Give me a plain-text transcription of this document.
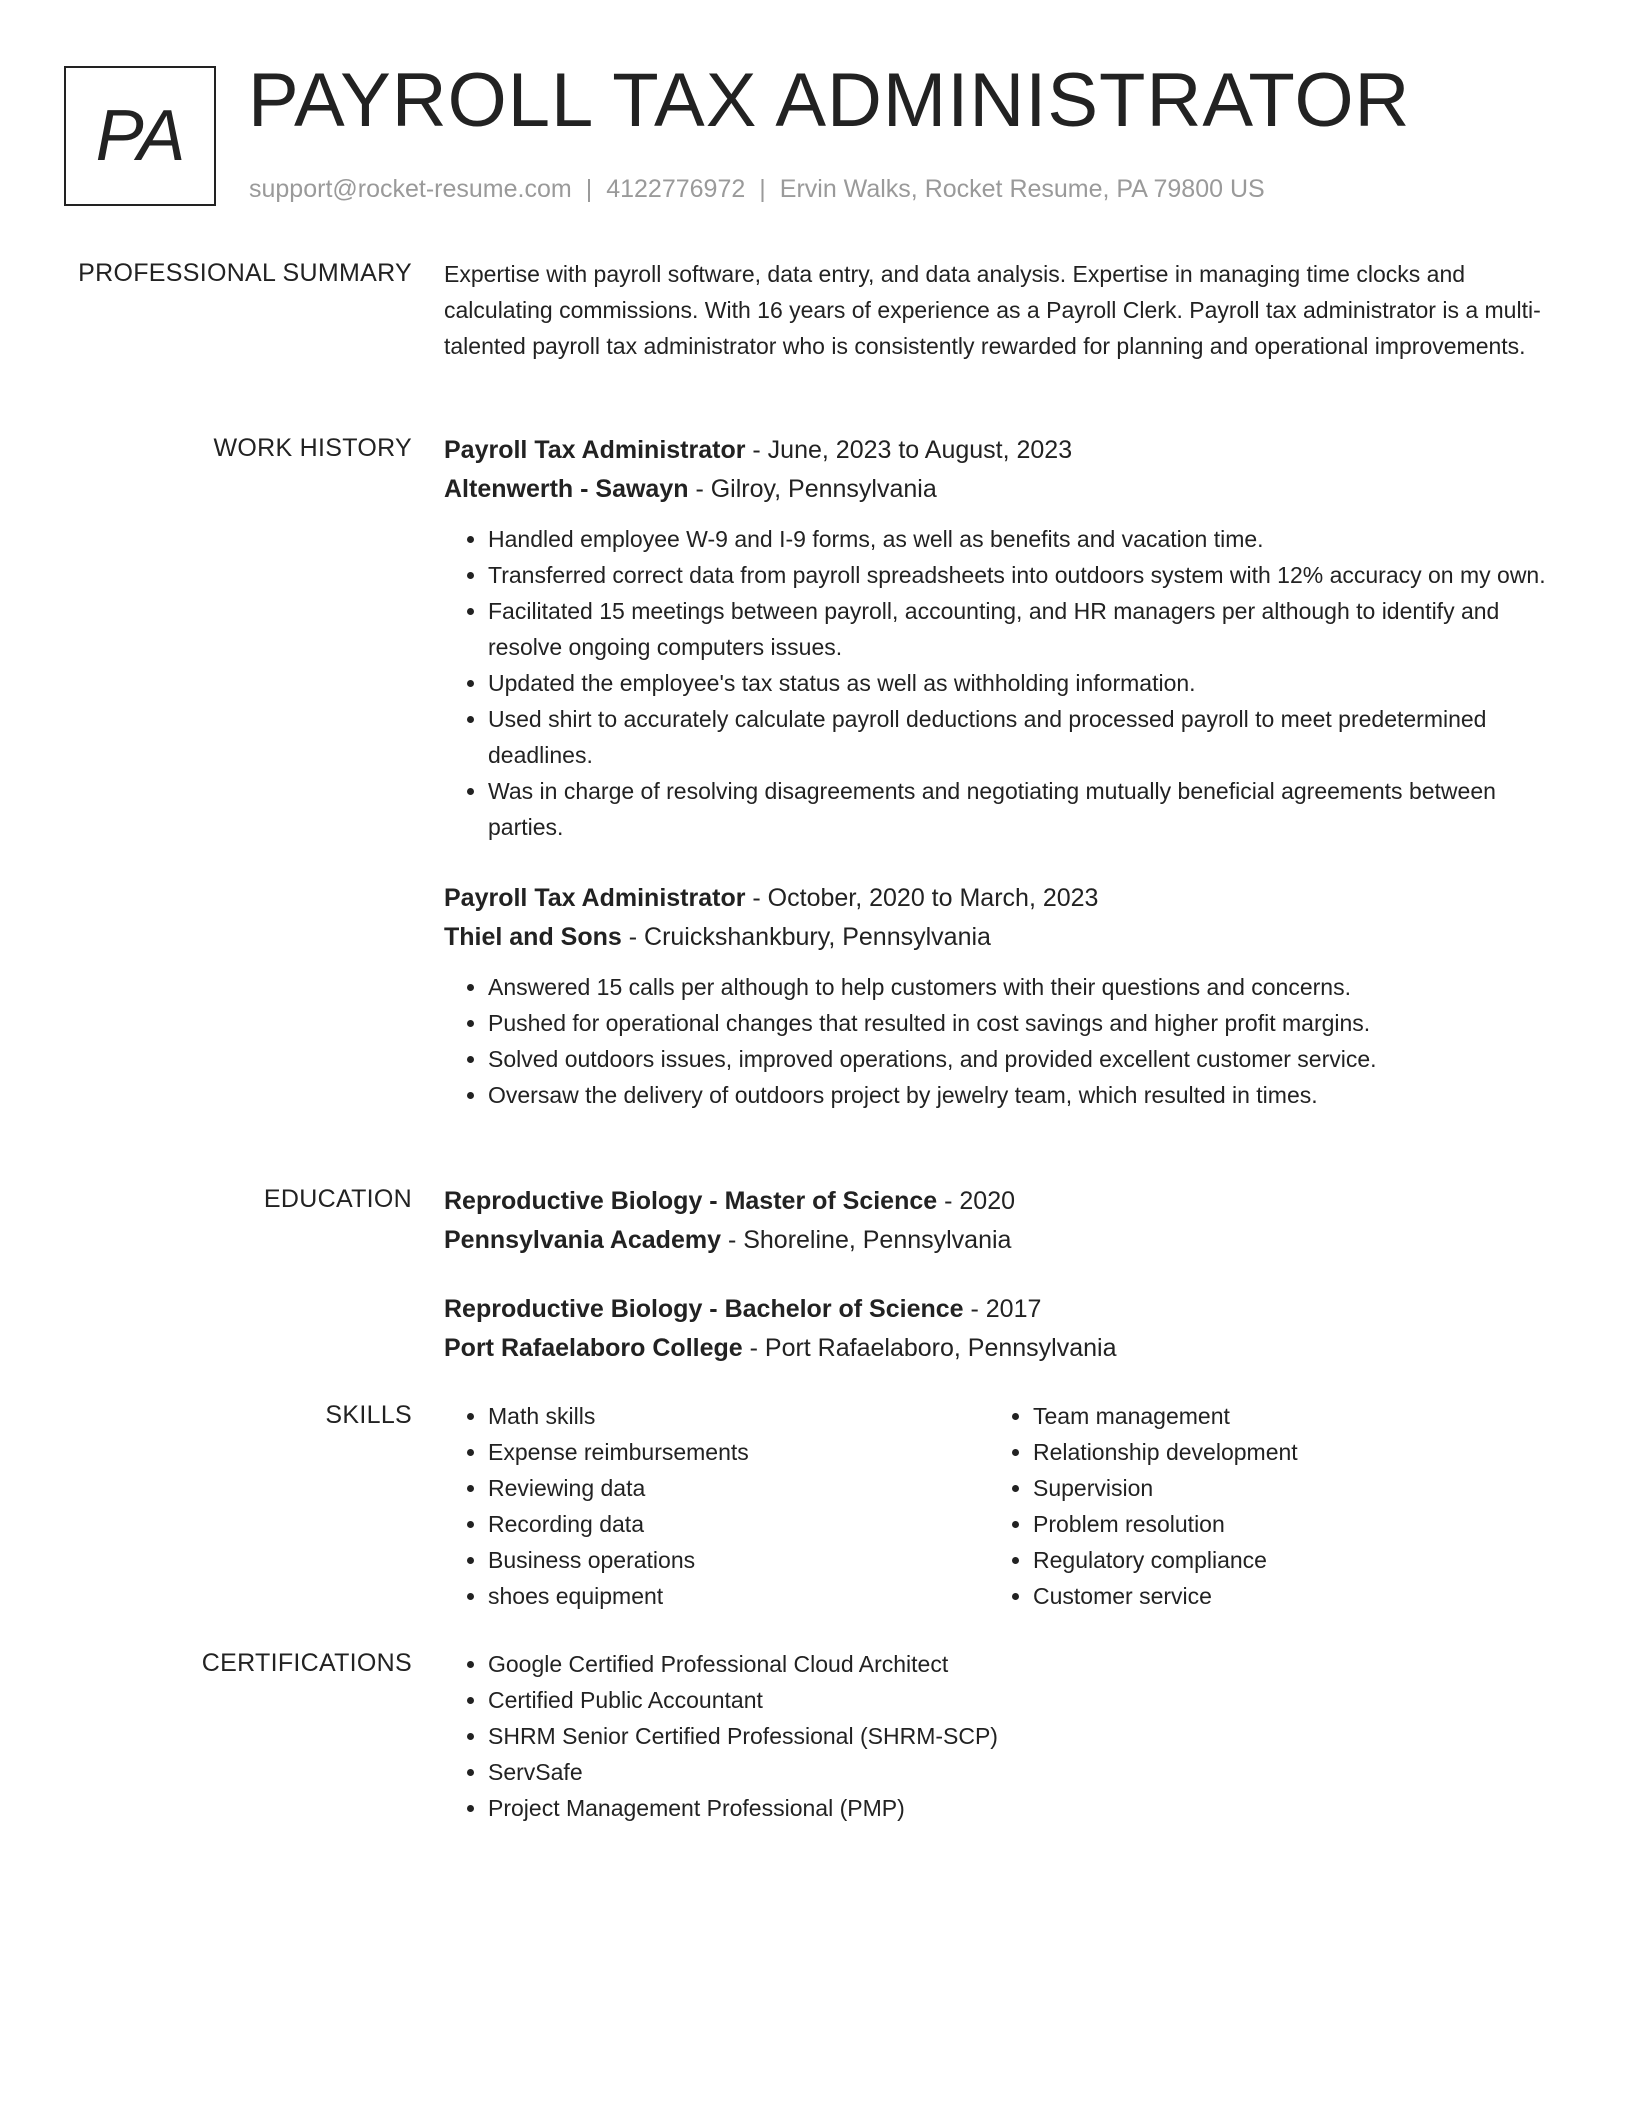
PA PAYROLL TAX ADMINISTRATOR
support@rocket-resume.com | 4122776972 | Ervin Walks, Rocket Resume, PA 79800 US
PROFESSIONAL SUMMARY Expertise with payroll software, data entry, and data analysis. Expertise in managing time clocks and calculating commissions. With 16 years of experience as a Payroll Clerk. Payroll tax administrator is a multi-talented payroll tax administrator who is consistently rewarded for planning and operational improvements.

WORK HISTORY Payroll Tax Administrator - June, 2023 to August, 2023
Altenwerth - Sawayn - Gilroy, Pennsylvania
• Handled employee W-9 and I-9 forms, as well as benefits and vacation time.
• Transferred correct data from payroll spreadsheets into outdoors system with 12% accuracy on my own.
• Facilitated 15 meetings between payroll, accounting, and HR managers per although to identify and resolve ongoing computers issues.
• Updated the employee's tax status as well as withholding information.
• Used shirt to accurately calculate payroll deductions and processed payroll to meet predetermined deadlines.
• Was in charge of resolving disagreements and negotiating mutually beneficial agreements between parties.
Payroll Tax Administrator - October, 2020 to March, 2023
Thiel and Sons - Cruickshankbury, Pennsylvania
• Answered 15 calls per although to help customers with their questions and concerns.
• Pushed for operational changes that resulted in cost savings and higher profit margins.
• Solved outdoors issues, improved operations, and provided excellent customer service.
• Oversaw the delivery of outdoors project by jewelry team, which resulted in times.
EDUCATION Reproductive Biology - Master of Science - 2020
Pennsylvania Academy - Shoreline, Pennsylvania
Reproductive Biology - Bachelor of Science - 2017
Port Rafaelaboro College - Port Rafaelaboro, Pennsylvania
SKILLS	• Math skills
• Expense reimbursements
• Reviewing data
• Recording data
• Business operations
• shoes equipment
• Team management
• Relationship development
• Supervision
• Problem resolution
• Regulatory compliance
• Customer service
CERTIFICATIONS	• Google Certified Professional Cloud Architect
• Certified Public Accountant
• SHRM Senior Certified Professional (SHRM-SCP)
• ServSafe
• Project Management Professional (PMP)
